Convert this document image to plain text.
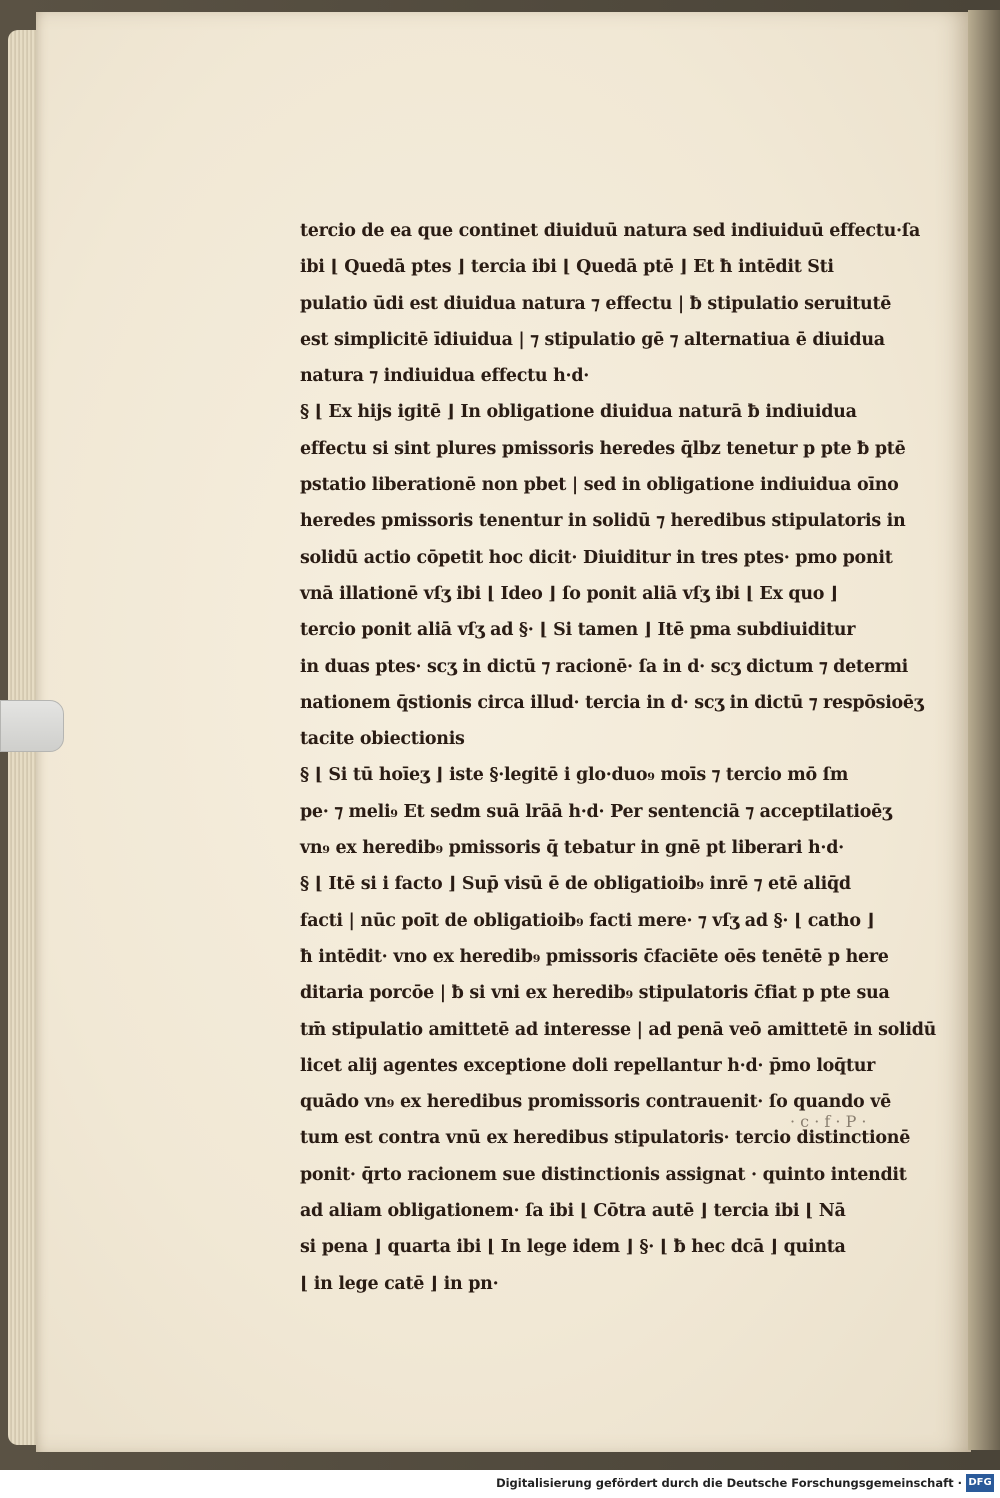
tercio de ea que continet diuiduū natura sed indiuiduū effectu·ſa
ibi ⌊ Quedā ptes ⌋ tercia ibi ⌊ Quedā ptē ⌋ Et ħ intēdit Sti
pulatio ūdi est diuidua natura ⁊ effectu | ƀ stipulatio seruitutē
est simplicitē īdiuidua | ⁊ stipulatio gē ⁊ alternatiua ē diuidua
natura ⁊ indiuidua effectu h·d·
§ ⌊ Ex hijs igitē ⌋ In obligatione diuidua naturā ƀ indiuidua
effectu si sint plures pmissoris heredes q̄lbz tenetur p pte ƀ ptē
pstatio liberationē non pbet | sed in obligatione indiuidua oīno
heredes pmissoris tenentur in solidū ⁊ heredibus stipulatoris in
solidū actio cōpetit hoc dicit· Diuiditur in tres ptes· pmo ponit
vnā illationē vſʒ ibi ⌊ Ideo ⌋ ſo ponit aliā vſʒ ibi ⌊ Ex quo ⌋
tercio ponit aliā vſʒ ad §· ⌊ Si tamen ⌋ Itē pma subdiuiditur
in duas ptes· scʒ in dictū ⁊ racionē· ſa in d· scʒ dictum ⁊ determi
nationem q̄stionis circa illud· tercia in d· scʒ in dictū ⁊ respōsioēʒ
tacite obiectionis
§ ⌊ Si tū hoīeʒ ⌋ iste §·legitē i glo·duo₉ moīs ⁊ tercio mō ſm
pe· ⁊ meli₉ Et sedm suā lrāā h·d· Per sentenciā ⁊ acceptilatioēʒ
vn₉ ex heredib₉ pmissoris q̄ tebatur in gnē pt liberari h·d·
§ ⌊ Itē si i facto ⌋ Sup̄ visū ē de obligatioib₉ inrē ⁊ etē aliq̄d
facti | nūc poīt de obligatioib₉ facti mere· ⁊ vſʒ ad §· ⌊ catho ⌋
ħ intēdit· vno ex heredib₉ pmissoris c̄faciēte oēs tenētē p here
ditaria porcōe | ƀ si vni ex heredib₉ stipulatoris c̄fiat p pte sua
tm̄ stipulatio amittetē ad interesse | ad penā veō amittetē in solidū
licet alij agentes exceptione doli repellantur h·d· p̄mo loq̄tur
quādo vn₉ ex heredibus promissoris contrauenit· ſo quando vē
tum est contra vnū ex heredibus stipulatoris· tercio distinctionē
ponit· q̄rto racionem sue distinctionis assignat · quinto intendit
ad aliam obligationem· ſa ibi ⌊ Cōtra autē ⌋ tercia ibi ⌊ Nā
si pena ⌋ quarta ibi ⌊ In lege idem ⌋ §· ⌊ ƀ hec dcā ⌋ quinta
⌊ in lege catē ⌋ in pn·
· c · f · P ·
Digitalisierung gefördert durch die Deutsche Forschungsgemeinschaft · DFG
